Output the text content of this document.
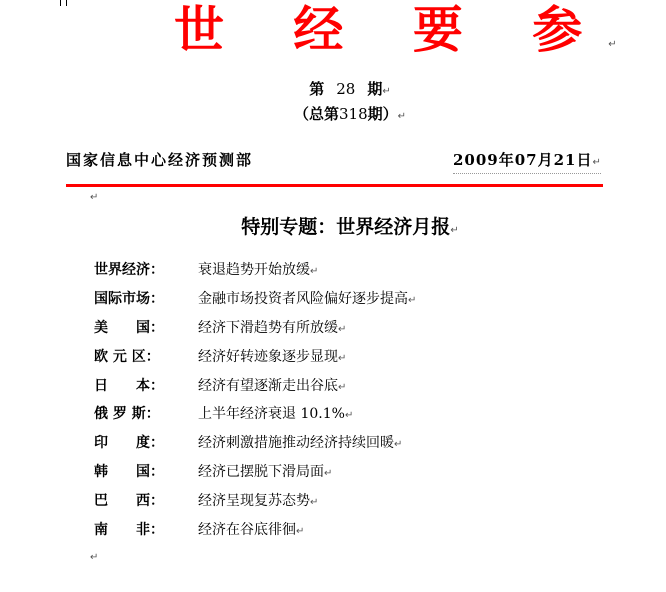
世 经 要 参↵
第 28 期↵
（总第318期）↵
国家信息中心经济预测部	2009年07月21日↵
↵
特别专题：世界经济月报↵
世界经济： 衰退趋势开始放缓↵
国际市场： 金融市场投资者风险偏好逐步提高↵
美　　国： 经济下滑趋势有所放缓↵
欧 元 区：	经济好转迹象逐步显现↵
日　　本： 经济有望逐渐走出谷底↵
俄 罗 斯：	上半年经济衰退 10.1%↵
印　　度： 经济刺激措施推动经济持续回暖↵
韩　　国： 经济已摆脱下滑局面↵
巴　　西： 经济呈现复苏态势↵
南　　非： 经济在谷底徘徊↵
↵
